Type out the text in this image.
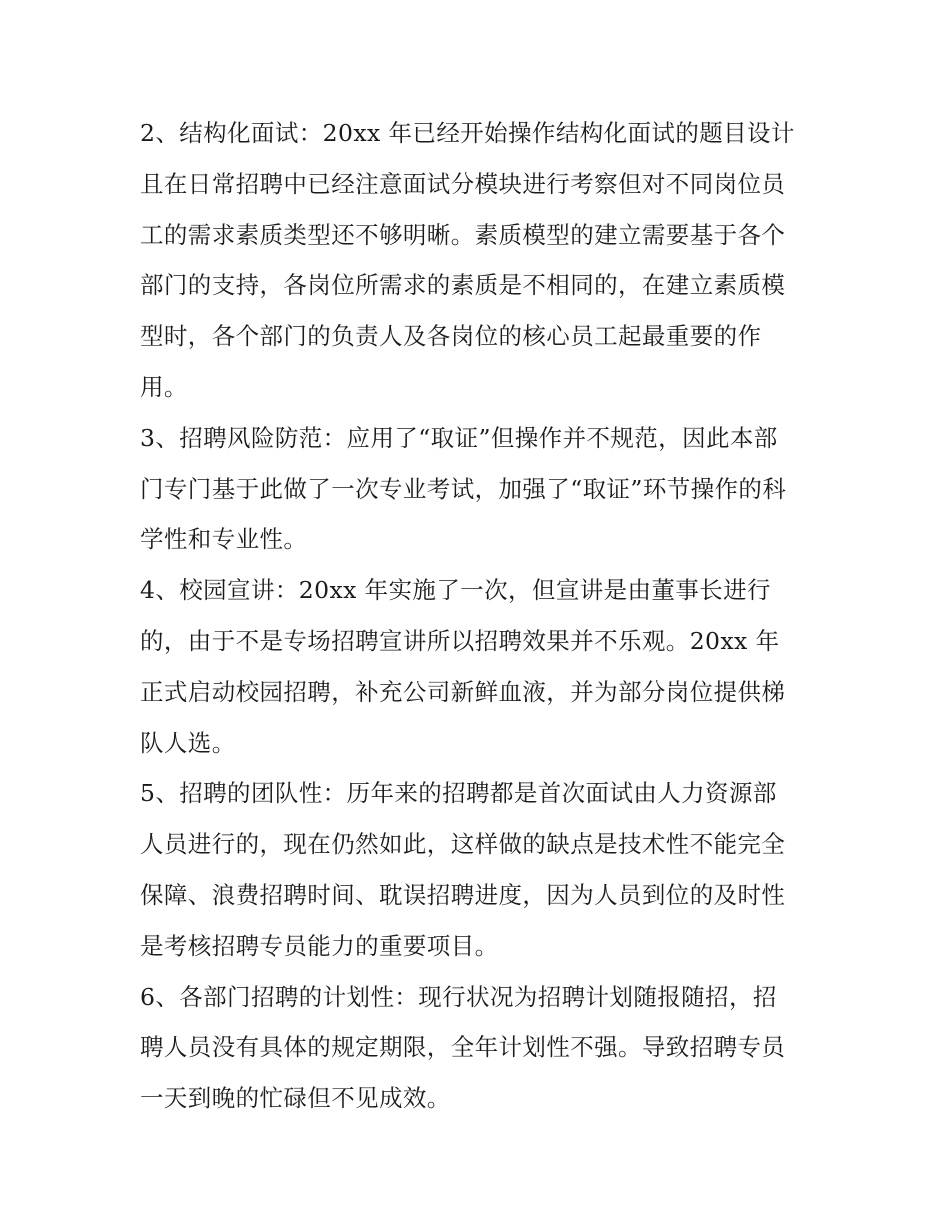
2、结构化面试：20xx 年已经开始操作结构化面试的题目设计
且在日常招聘中已经注意面试分模块进行考察但对不同岗位员
工的需求素质类型还不够明晰。素质模型的建立需要基于各个
部门的支持，各岗位所需求的素质是不相同的，在建立素质模
型时，各个部门的负责人及各岗位的核心员工起最重要的作
用。

3、招聘风险防范：应用了“取证”但操作并不规范，因此本部
门专门基于此做了一次专业考试，加强了“取证”环节操作的科
学性和专业性。

4、校园宣讲：20xx 年实施了一次，但宣讲是由董事长进行
的，由于不是专场招聘宣讲所以招聘效果并不乐观。20xx 年
正式启动校园招聘，补充公司新鲜血液，并为部分岗位提供梯
队人选。

5、招聘的团队性：历年来的招聘都是首次面试由人力资源部
人员进行的，现在仍然如此，这样做的缺点是技术性不能完全
保障、浪费招聘时间、耽误招聘进度，因为人员到位的及时性
是考核招聘专员能力的重要项目。

6、各部门招聘的计划性：现行状况为招聘计划随报随招，招
聘人员没有具体的规定期限，全年计划性不强。导致招聘专员
一天到晚的忙碌但不见成效。
